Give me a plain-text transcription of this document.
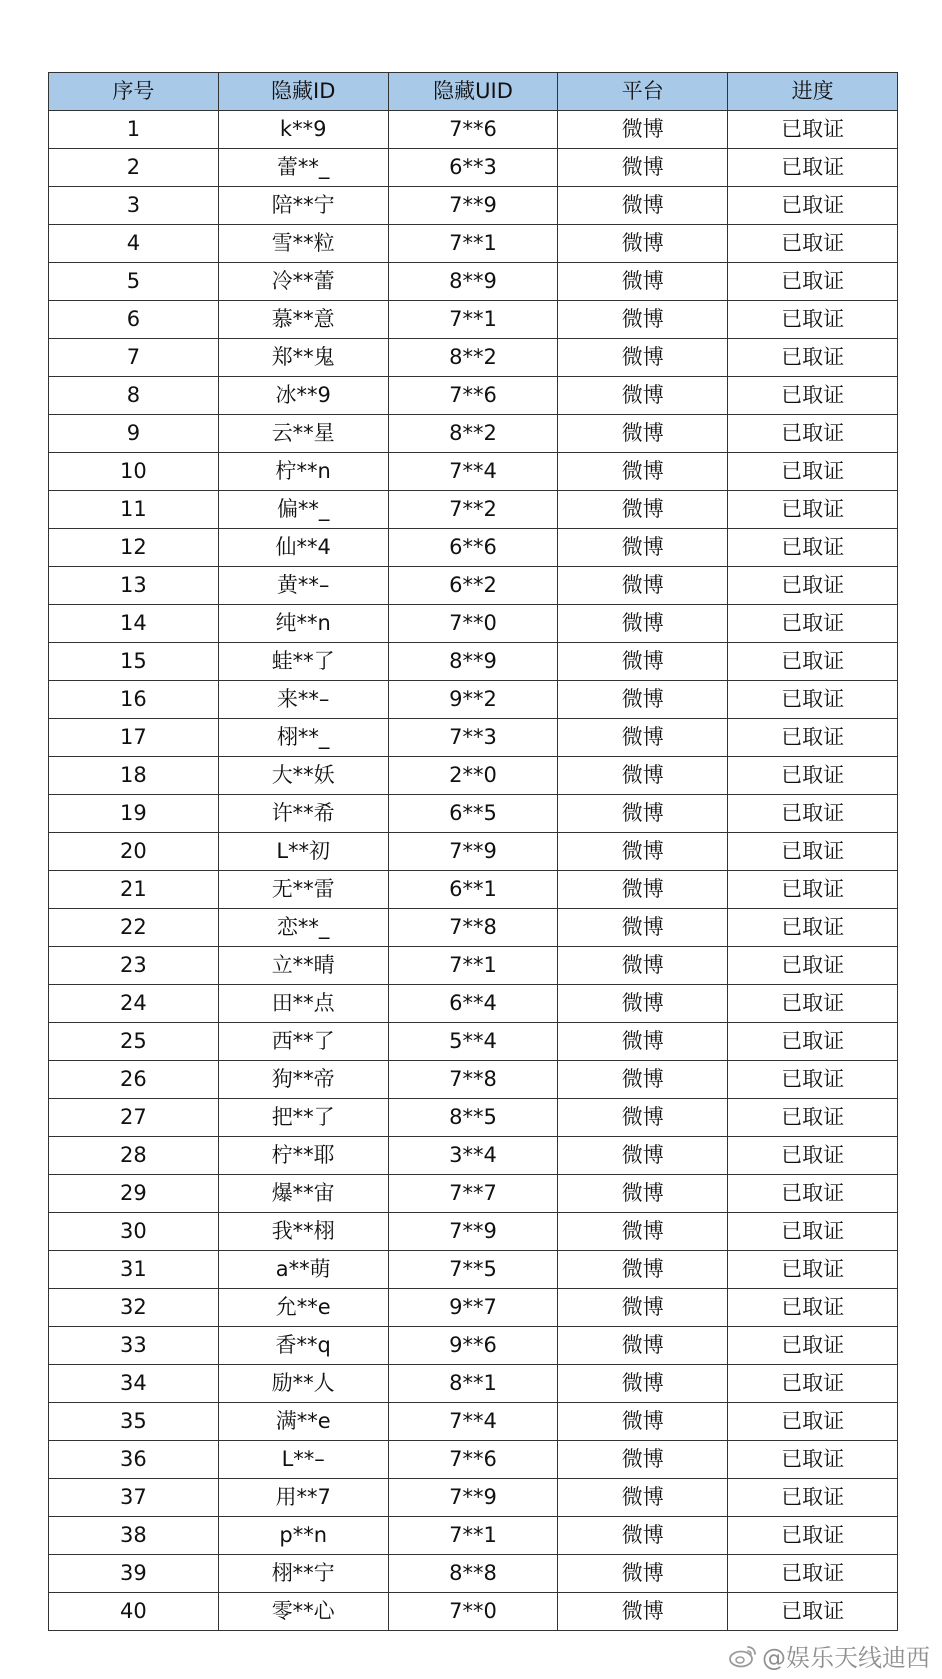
序号	隐藏ID	隐藏UID	平台	进度
1	k**9	7**6	微博	已取证
2	蕾**_	6**3	微博	已取证
3	陪**宁	7**9	微博	已取证
4	雪**粒	7**1	微博	已取证
5	冷**蕾	8**9	微博	已取证
6	慕**意	7**1	微博	已取证
7	郑**鬼	8**2	微博	已取证
8	冰**9	7**6	微博	已取证
9	云**星	8**2	微博	已取证
10	柠**n	7**4	微博	已取证
11	偏**_	7**2	微博	已取证
12	仙**4	6**6	微博	已取证
13	黄**–	6**2	微博	已取证
14	纯**n	7**0	微博	已取证
15	蛙**了	8**9	微博	已取证
16	来**–	9**2	微博	已取证
17	栩**_	7**3	微博	已取证
18	大**妖	2**0	微博	已取证
19	许**希	6**5	微博	已取证
20	L**初	7**9	微博	已取证
21	无**雷	6**1	微博	已取证
22	恋**_	7**8	微博	已取证
23	立**晴	7**1	微博	已取证
24	田**点	6**4	微博	已取证
25	西**了	5**4	微博	已取证
26	狗**帝	7**8	微博	已取证
27	把**了	8**5	微博	已取证
28	柠**耶	3**4	微博	已取证
29	爆**宙	7**7	微博	已取证
30	我**栩	7**9	微博	已取证
31	a**萌	7**5	微博	已取证
32	允**e	9**7	微博	已取证
33	香**q	9**6	微博	已取证
34	励**人	8**1	微博	已取证
35	满**e	7**4	微博	已取证
36	L**–	7**6	微博	已取证
37	用**7	7**9	微博	已取证
38	p**n	7**1	微博	已取证
39	栩**宁	8**8	微博	已取证
40	零**心	7**0	微博	已取证
@娱乐天线迪西
